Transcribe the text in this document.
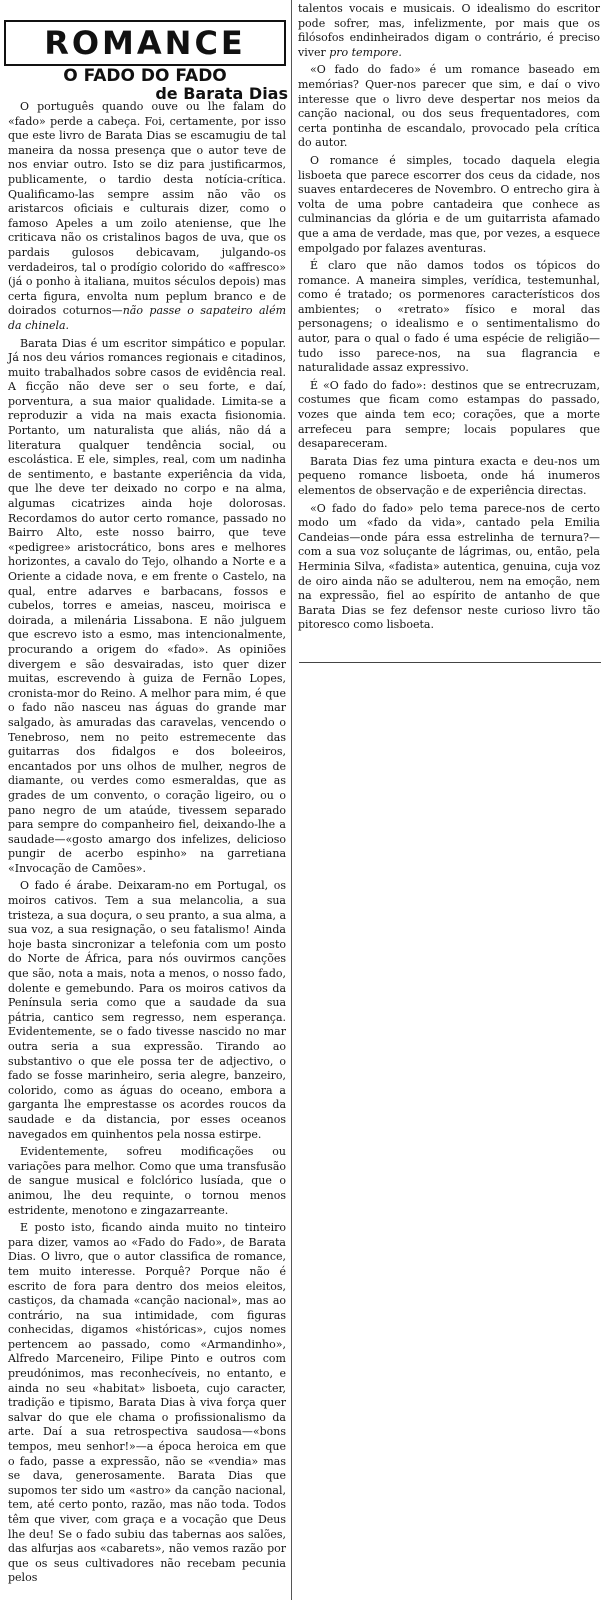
ROMANCE
O FADO DO FADO
de Barata Dias

O português quando ouve ou lhe falam do «fado» perde a cabeça. Foi, certamente, por isso que este livro de Barata Dias se escamugiu de tal maneira da nossa presença que o autor teve de nos enviar outro. Isto se diz para justificarmos, publicamente, o tardio desta notícia-crítica. Qualificamo-las sempre assim não vão os aristarcos oficiais e culturais dizer, como o famoso Apeles a um zoilo ateniense, que lhe criticava não os cristalinos bagos de uva, que os pardais gulosos debicavam, julgando-os verdadeiros, tal o prodígio colorido do «affresco» (já o ponho à italiana, muitos séculos depois) mas certa figura, envolta num peplum branco e de doirados coturnos—não passe o sapateiro além da chinela.

Barata Dias é um escritor simpático e popular. Já nos deu vários romances regionais e citadinos, muito trabalhados sobre casos de evidência real. A ficção não deve ser o seu forte, e daí, porventura, a sua maior qualidade. Limita-se a reproduzir a vida na mais exacta fisionomia. Portanto, um naturalista que aliás, não dá a literatura qualquer tendência social, ou escolástica. E ele, simples, real, com um nadinha de sentimento, e bastante experiência da vida, que lhe deve ter deixado no corpo e na alma, algumas cicatrizes ainda hoje dolorosas. Recordamos do autor certo romance, passado no Bairro Alto, este nosso bairro, que teve «pedigree» aristocrático, bons ares e melhores horizontes, a cavalo do Tejo, olhando a Norte e a Oriente a cidade nova, e em frente o Castelo, na qual, entre adarves e barbacans, fossos e cubelos, torres e ameias, nasceu, moirisca e doirada, a milenária Lissabona. E não julguem que escrevo isto a esmo, mas intencionalmente, procurando a origem do «fado». As opiniões divergem e são desvairadas, isto quer dizer muitas, escrevendo à guiza de Fernão Lopes, cronista-mor do Reino. A melhor para mim, é que o fado não nasceu nas águas do grande mar salgado, às amuradas das caravelas, vencendo o Tenebroso, nem no peito estremecente das guitarras dos fidalgos e dos boleeiros, encantados por uns olhos de mulher, negros de diamante, ou verdes como esmeraldas, que as grades de um convento, o coração ligeiro, ou o pano negro de um ataúde, tivessem separado para sempre do companheiro fiel, deixando-lhe a saudade—«gosto amargo dos infelizes, delicioso pungir de acerbo espinho» na garretiana «Invocação de Camões».

O fado é árabe. Deixaram-no em Portugal, os moiros cativos. Tem a sua melancolia, a sua tristeza, a sua doçura, o seu pranto, a sua alma, a sua voz, a sua resignação, o seu fatalismo! Ainda hoje basta sincronizar a telefonia com um posto do Norte de África, para nós ouvirmos canções que são, nota a mais, nota a menos, o nosso fado, dolente e gemebundo. Para os moiros cativos da Península seria como que a saudade da sua pátria, cantico sem regresso, nem esperança. Evidentemente, se o fado tivesse nascido no mar outra seria a sua expressão. Tirando ao substantivo o que ele possa ter de adjectivo, o fado se fosse marinheiro, seria alegre, banzeiro, colorido, como as águas do oceano, embora a garganta lhe emprestasse os acordes roucos da saudade e da distancia, por esses oceanos navegados em quinhentos pela nossa estirpe.

Evidentemente, sofreu modificações ou variações para melhor. Como que uma transfusão de sangue musical e folclórico lusíada, que o animou, lhe deu requinte, o tornou menos estridente, menotono e zingazarreante.

E posto isto, ficando ainda muito no tinteiro para dizer, vamos ao «Fado do Fado», de Barata Dias. O livro, que o autor classifica de romance, tem muito interesse. Porquê? Porque não é escrito de fora para dentro dos meios eleitos, castiços, da chamada «canção nacional», mas ao contrário, na sua intimidade, com figuras conhecidas, digamos «históricas», cujos nomes pertencem ao passado, como «Armandinho», Alfredo Marceneiro, Filipe Pinto e outros com preudónimos, mas reconhecíveis, no entanto, e ainda no seu «habitat» lisboeta, cujo caracter, tradição e tipismo, Barata Dias à viva força quer salvar do que ele chama o profissionalismo da arte. Daí a sua retrospectiva saudosa—«bons tempos, meu senhor!»—a época heroica em que o fado, passe a expressão, não se «vendia» mas se dava, generosamente. Barata Dias que supomos ter sido um «astro» da canção nacional, tem, até certo ponto, razão, mas não toda. Todos têm que viver, com graça e a vocação que Deus lhe deu! Se o fado subiu das tabernas aos salões, das alfurjas aos «cabarets», não vemos razão por que os seus cultivadores não recebam pecunia pelos

talentos vocais e musicais. O idealismo do escritor pode sofrer, mas, infelizmente, por mais que os filósofos endinheirados digam o contrário, é preciso viver pro tempore.

«O fado do fado» é um romance baseado em memórias? Quer-nos parecer que sim, e daí o vivo interesse que o livro deve despertar nos meios da canção nacional, ou dos seus frequentadores, com certa pontinha de escandalo, provocado pela crítica do autor.

O romance é simples, tocado daquela elegia lisboeta que parece escorrer dos ceus da cidade, nos suaves entardeceres de Novembro. O entrecho gira à volta de uma pobre cantadeira que conhece as culminancias da glória e de um guitarrista afamado que a ama de verdade, mas que, por vezes, a esquece empolgado por falazes aventuras.

É claro que não damos todos os tópicos do romance. A maneira simples, verídica, testemunhal, como é tratado; os pormenores característicos dos ambientes; o «retrato» físico e moral das personagens; o idealismo e o sentimentalismo do autor, para o qual o fado é uma espécie de religião—tudo isso parece-nos, na sua flagrancia e naturalidade assaz expressivo.

É «O fado do fado»: destinos que se entrecruzam, costumes que ficam como estampas do passado, vozes que ainda tem eco; corações, que a morte arrefeceu para sempre; locais populares que desapareceram.

Barata Dias fez uma pintura exacta e deu-nos um pequeno romance lisboeta, onde há inumeros elementos de observação e de experiência directas.

«O fado do fado» pelo tema parece-nos de certo modo um «fado da vida», cantado pela Emilia Candeias—onde pára essa estrelinha de ternura?—com a sua voz soluçante de lágrimas, ou, então, pela Herminia Silva, «fadista» autentica, genuina, cuja voz de oiro ainda não se adulterou, nem na emoção, nem na expressão, fiel ao espírito de antanho de que Barata Dias se fez defensor neste curioso livro tão pitoresco como lisboeta.
